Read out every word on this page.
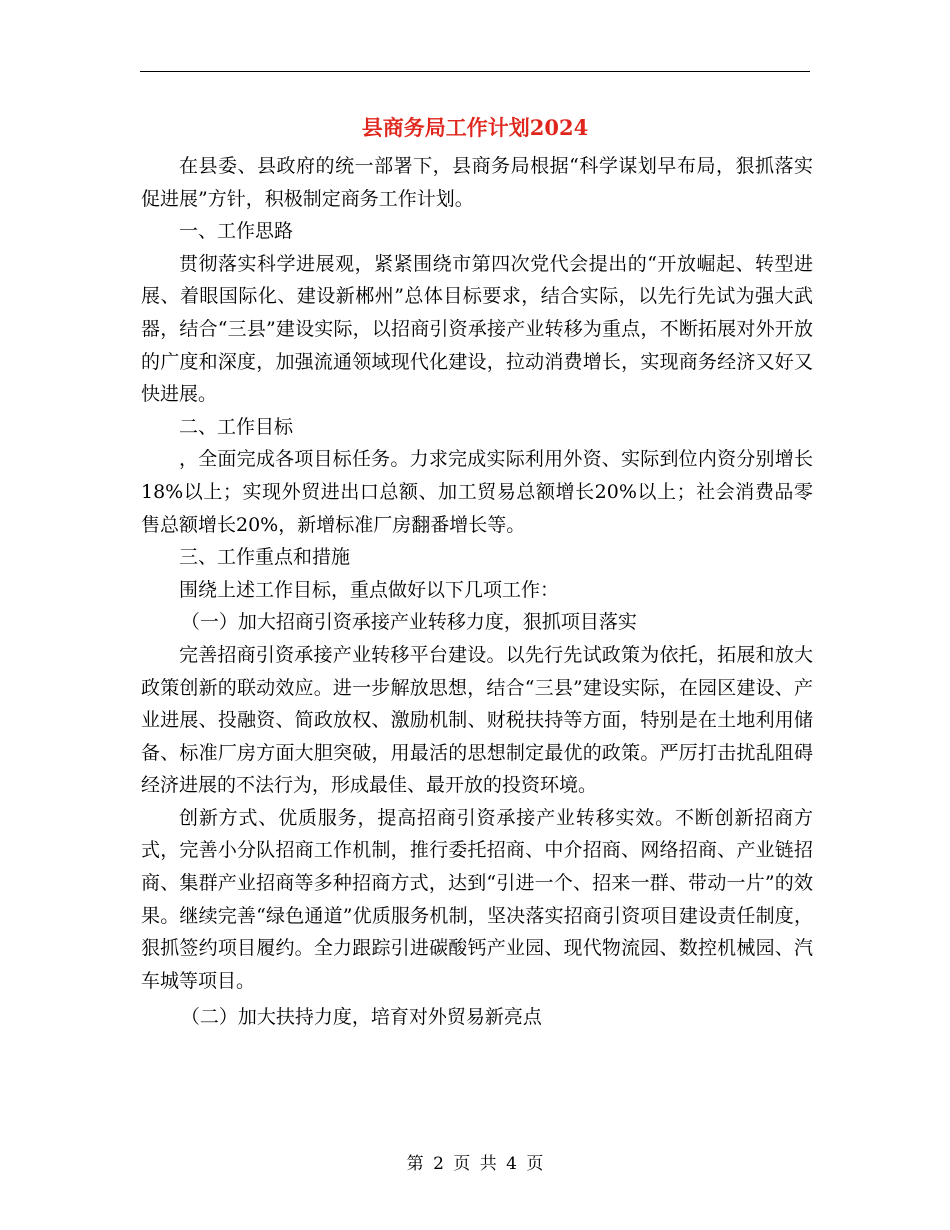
县商务局工作计划2024

在县委、县政府的统一部署下，县商务局根据“科学谋划早布局，狠抓落实促进展”方针，积极制定商务工作计划。

一、工作思路

贯彻落实科学进展观，紧紧围绕市第四次党代会提出的“开放崛起、转型进展、着眼国际化、建设新郴州”总体目标要求，结合实际，以先行先试为强大武器，结合“三县”建设实际，以招商引资承接产业转移为重点，不断拓展对外开放的广度和深度，加强流通领域现代化建设，拉动消费增长，实现商务经济又好又快进展。

二、工作目标

，全面完成各项目标任务。力求完成实际利用外资、实际到位内资分别增长18%以上；实现外贸进出口总额、加工贸易总额增长20%以上；社会消费品零售总额增长20%，新增标准厂房翻番增长等。

三、工作重点和措施

围绕上述工作目标，重点做好以下几项工作：

（一）加大招商引资承接产业转移力度，狠抓项目落实

完善招商引资承接产业转移平台建设。以先行先试政策为依托，拓展和放大政策创新的联动效应。进一步解放思想，结合“三县”建设实际，在园区建设、产业进展、投融资、简政放权、激励机制、财税扶持等方面，特别是在土地利用储备、标准厂房方面大胆突破，用最活的思想制定最优的政策。严厉打击扰乱阻碍经济进展的不法行为，形成最佳、最开放的投资环境。

创新方式、优质服务，提高招商引资承接产业转移实效。不断创新招商方式，完善小分队招商工作机制，推行委托招商、中介招商、网络招商、产业链招商、集群产业招商等多种招商方式，达到“引进一个、招来一群、带动一片”的效果。继续完善“绿色通道”优质服务机制，坚决落实招商引资项目建设责任制度，狠抓签约项目履约。全力跟踪引进碳酸钙产业园、现代物流园、数控机械园、汽车城等项目。

（二）加大扶持力度，培育对外贸易新亮点

第 2 页 共 4 页
